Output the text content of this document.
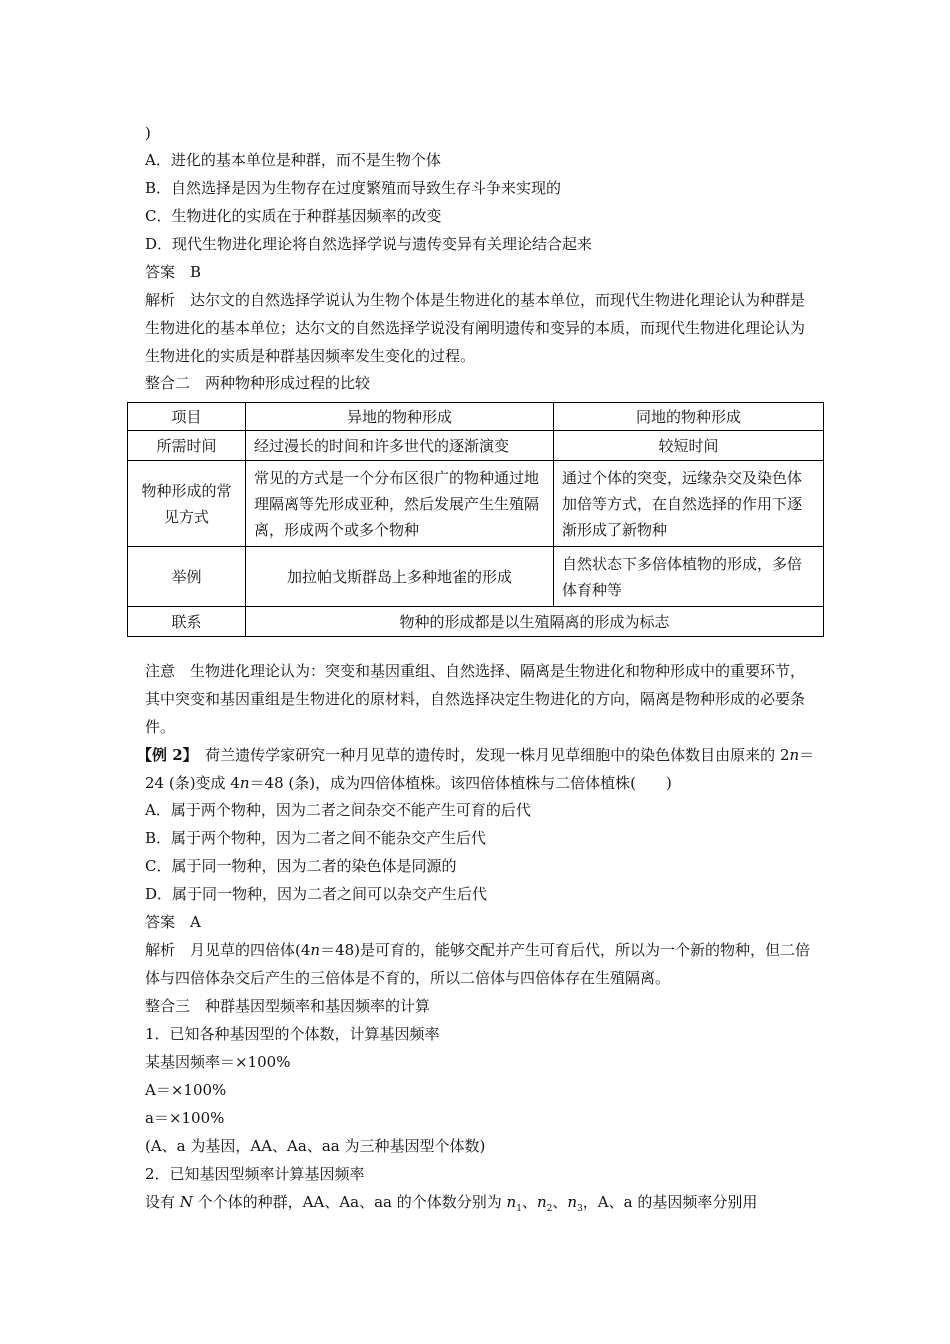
)
A．进化的基本单位是种群，而不是生物个体
B．自然选择是因为生物存在过度繁殖而导致生存斗争来实现的
C．生物进化的实质在于种群基因频率的改变
D．现代生物进化理论将自然选择学说与遗传变异有关理论结合起来
答案　B
解析　达尔文的自然选择学说认为生物个体是生物进化的基本单位，而现代生物进化理论认为种群是生物进化的基本单位；达尔文的自然选择学说没有阐明遗传和变异的本质，而现代生物进化理论认为生物进化的实质是种群基因频率发生变化的过程。
整合二　两种物种形成过程的比较
项目	异地的物种形成	同地的物种形成
所需时间	经过漫长的时间和许多世代的逐渐演变	较短时间
物种形成的常见方式	常见的方式是一个分布区很广的物种通过地理隔离等先形成亚种，然后发展产生生殖隔离，形成两个或多个物种	通过个体的突变，远缘杂交及染色体加倍等方式，在自然选择的作用下逐渐形成了新物种
举例	加拉帕戈斯群岛上多种地雀的形成	自然状态下多倍体植物的形成，多倍体育种等
联系	物种的形成都是以生殖隔离的形成为标志	
注意　生物进化理论认为：突变和基因重组、自然选择、隔离是生物进化和物种形成中的重要环节，其中突变和基因重组是生物进化的原材料，自然选择决定生物进化的方向，隔离是物种形成的必要条件。
【例 2】　荷兰遗传学家研究一种月见草的遗传时，发现一株月见草细胞中的染色体数目由原来的 2n＝24 (条)变成 4n＝48 (条)，成为四倍体植株。该四倍体植株与二倍体植株(　　)
A．属于两个物种，因为二者之间杂交不能产生可育的后代
B．属于两个物种，因为二者之间不能杂交产生后代
C．属于同一物种，因为二者的染色体是同源的
D．属于同一物种，因为二者之间可以杂交产生后代
答案　A
解析　月见草的四倍体(4n＝48)是可育的，能够交配并产生可育后代，所以为一个新的物种，但二倍体与四倍体杂交后产生的三倍体是不育的，所以二倍体与四倍体存在生殖隔离。
整合三　种群基因型频率和基因频率的计算
1．已知各种基因型的个体数，计算基因频率
某基因频率＝×100%
A＝×100%
a＝×100%
(A、a 为基因，AA、Aa、aa 为三种基因型个体数)
2．已知基因型频率计算基因频率
设有 N 个个体的种群，AA、Aa、aa 的个体数分别为 $n_1$、$n_2$、$n_3$，A、a 的基因频率分别用
